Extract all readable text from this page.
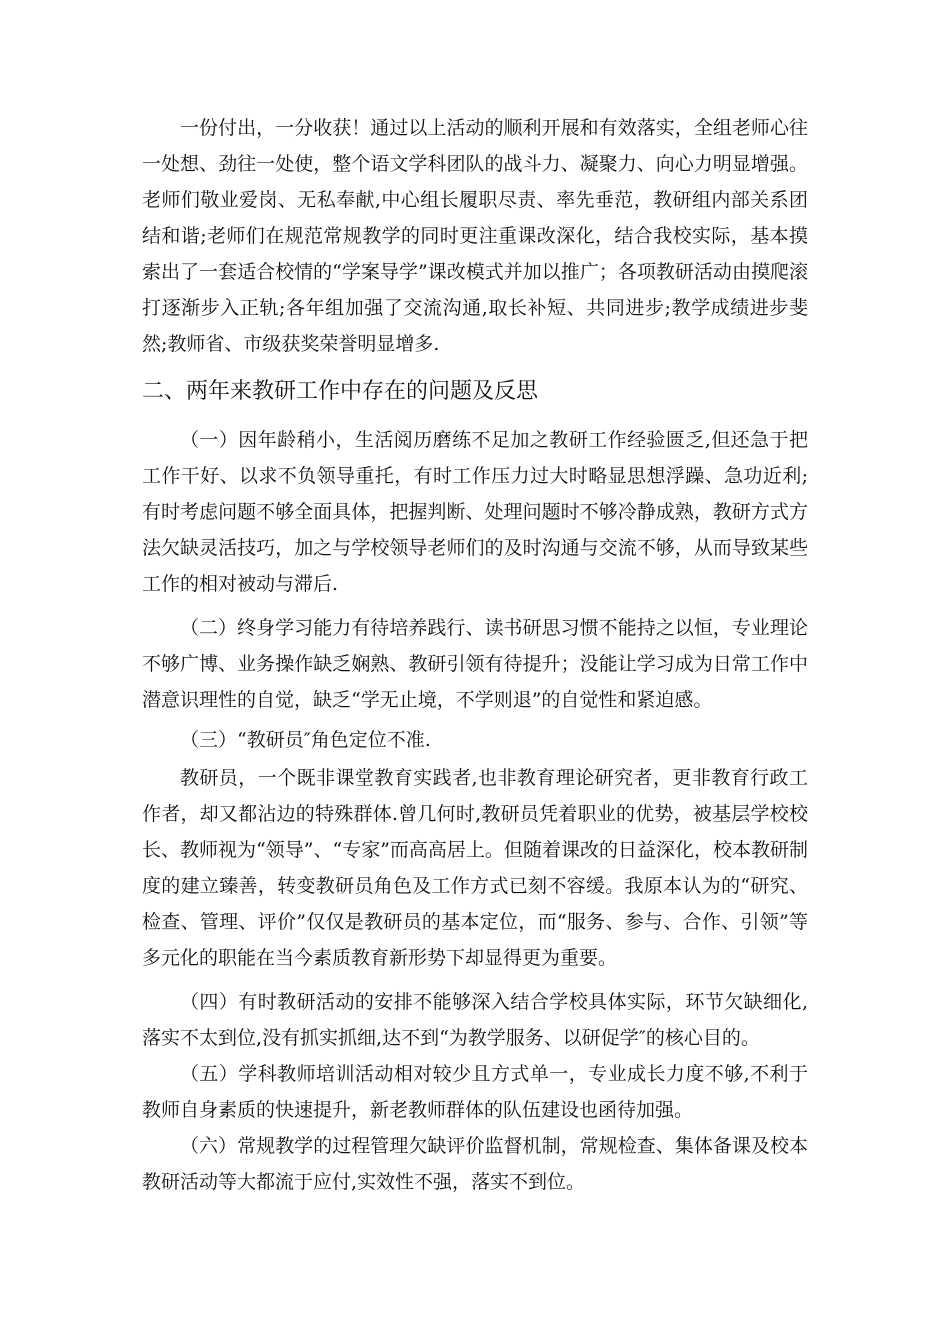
一份付出，一分收获！通过以上活动的顺利开展和有效落实，全组老师心往一处想、劲往一处使，整个语文学科团队的战斗力、凝聚力、向心力明显增强。老师们敬业爱岗、无私奉献,中心组长履职尽责、率先垂范，教研组内部关系团结和谐;老师们在规范常规教学的同时更注重课改深化，结合我校实际，基本摸索出了一套适合校情的“学案导学”课改模式并加以推广；各项教研活动由摸爬滚打逐渐步入正轨;各年组加强了交流沟通,取长补短、共同进步;教学成绩进步斐然;教师省、市级获奖荣誉明显增多.

二、两年来教研工作中存在的问题及反思

（一）因年龄稍小，生活阅历磨练不足加之教研工作经验匮乏,但还急于把工作干好、以求不负领导重托，有时工作压力过大时略显思想浮躁、急功近利;有时考虑问题不够全面具体，把握判断、处理问题时不够冷静成熟，教研方式方法欠缺灵活技巧，加之与学校领导老师们的及时沟通与交流不够，从而导致某些工作的相对被动与滞后.

（二）终身学习能力有待培养践行、读书研思习惯不能持之以恒，专业理论不够广博、业务操作缺乏娴熟、教研引领有待提升；没能让学习成为日常工作中潜意识理性的自觉，缺乏“学无止境，不学则退”的自觉性和紧迫感。

（三）“教研员″角色定位不准.

教研员，一个既非课堂教育实践者,也非教育理论研究者，更非教育行政工作者，却又都沾边的特殊群体.曾几何时,教研员凭着职业的优势，被基层学校校长、教师视为“领导”、“专家”而高高居上。但随着课改的日益深化，校本教研制度的建立臻善，转变教研员角色及工作方式已刻不容缓。我原本认为的“研究、检查、管理、评价”仅仅是教研员的基本定位，而“服务、参与、合作、引领”等多元化的职能在当今素质教育新形势下却显得更为重要。

（四）有时教研活动的安排不能够深入结合学校具体实际，环节欠缺细化,落实不太到位,没有抓实抓细,达不到“为教学服务、以研促学″的核心目的。

（五）学科教师培训活动相对较少且方式单一，专业成长力度不够,不利于教师自身素质的快速提升，新老教师群体的队伍建设也函待加强。

（六）常规教学的过程管理欠缺评价监督机制，常规检查、集体备课及校本教研活动等大都流于应付,实效性不强，落实不到位。
